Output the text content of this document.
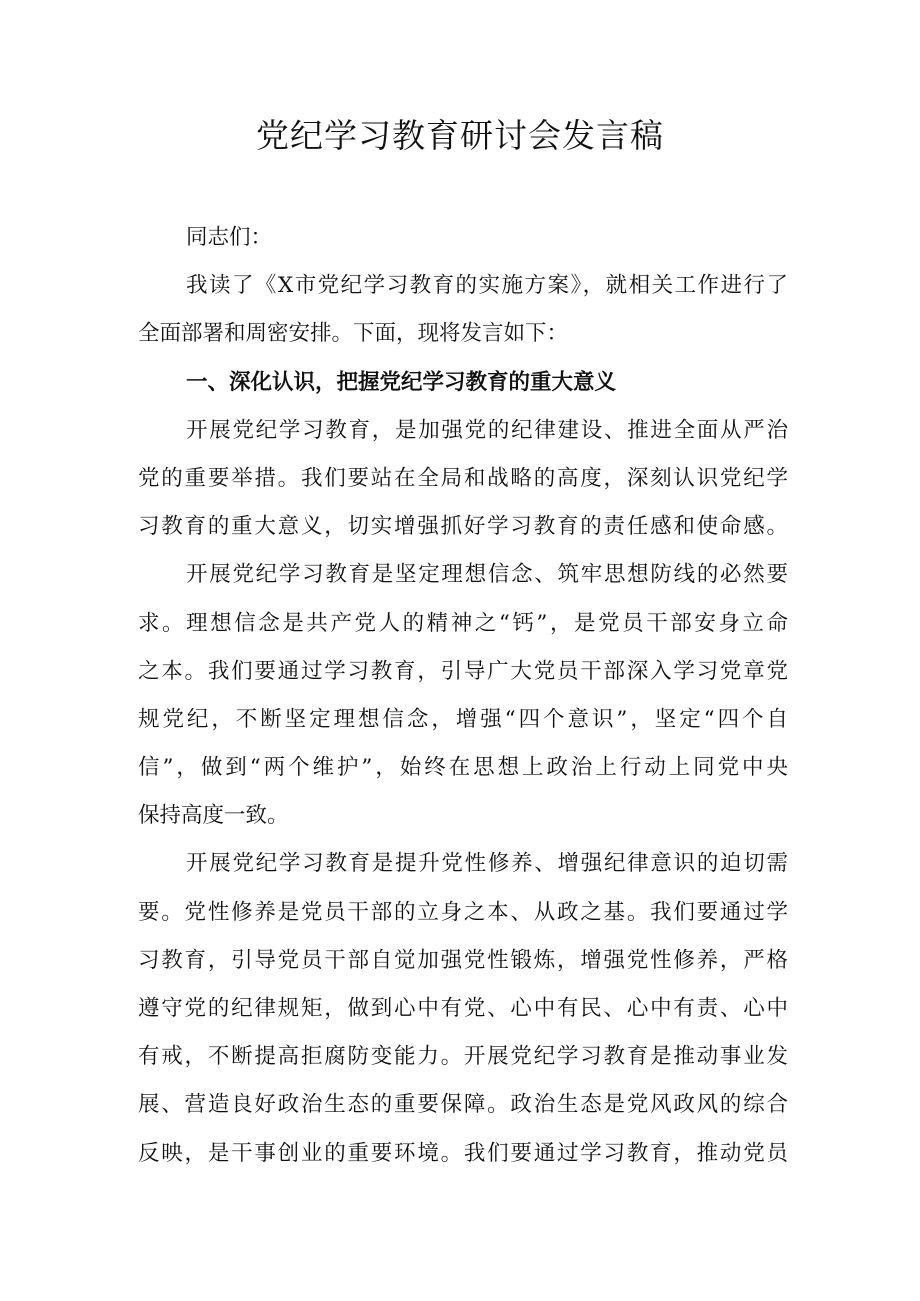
党纪学习教育研讨会发言稿
同志们：
我读了《X市党纪学习教育的实施方案》，就相关工作进行了
全面部署和周密安排。下面，现将发言如下：
一、深化认识，把握党纪学习教育的重大意义
开展党纪学习教育，是加强党的纪律建设、推进全面从严治
党的重要举措。我们要站在全局和战略的高度，深刻认识党纪学
习教育的重大意义，切实增强抓好学习教育的责任感和使命感。
开展党纪学习教育是坚定理想信念、筑牢思想防线的必然要
求。理想信念是共产党人的精神之“钙”，是党员干部安身立命
之本。我们要通过学习教育，引导广大党员干部深入学习党章党
规党纪，不断坚定理想信念，增强“四个意识”，坚定“四个自
信”，做到“两个维护”，始终在思想上政治上行动上同党中央
保持高度一致。
开展党纪学习教育是提升党性修养、增强纪律意识的迫切需
要。党性修养是党员干部的立身之本、从政之基。我们要通过学
习教育，引导党员干部自觉加强党性锻炼，增强党性修养，严格
遵守党的纪律规矩，做到心中有党、心中有民、心中有责、心中
有戒，不断提高拒腐防变能力。开展党纪学习教育是推动事业发
展、营造良好政治生态的重要保障。政治生态是党风政风的综合
反映，是干事创业的重要环境。我们要通过学习教育，推动党员
